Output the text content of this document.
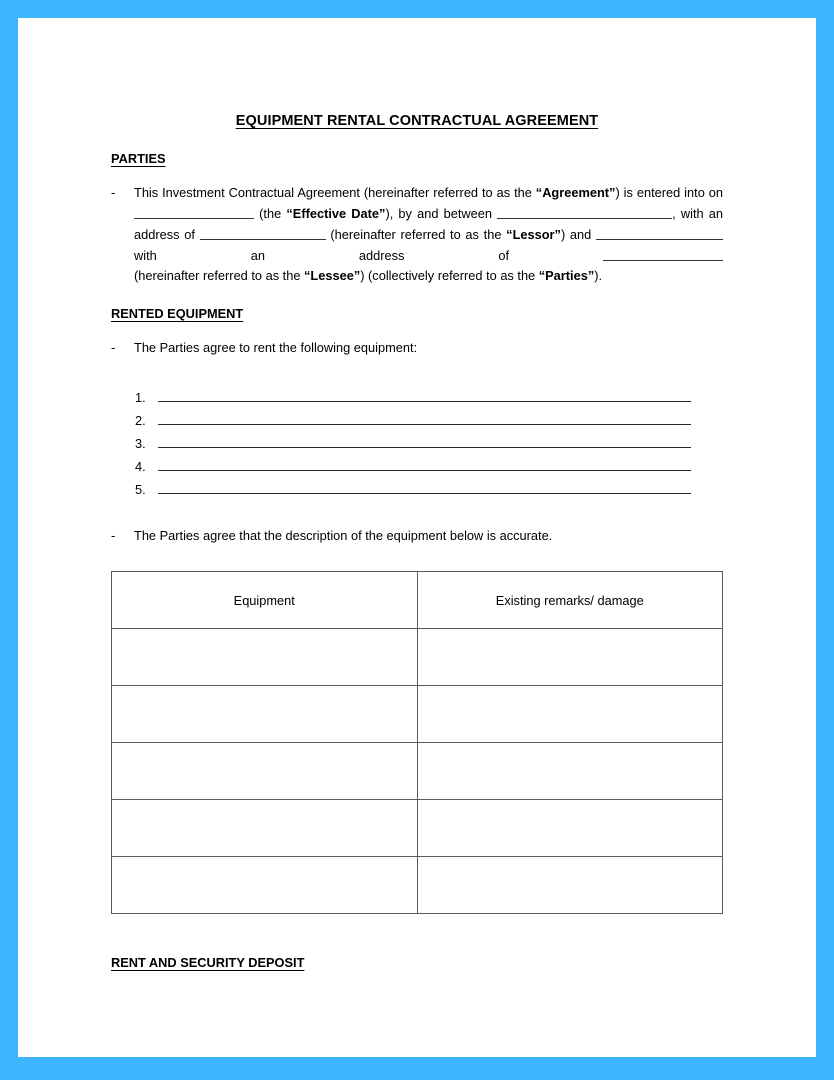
EQUIPMENT RENTAL CONTRACTUAL AGREEMENT
PARTIES
-	This Investment Contractual Agreement (hereinafter referred to as the “Agreement”) is entered into on  (the “Effective Date”), by and between	, with an address of	(hereinafter referred to as the “Lessor”) and with an address of

(hereinafter referred to as the “Lessee”) (collectively referred to as the “Parties”).

RENTED EQUIPMENT
-	The Parties agree to rent the following equipment:
1.
2.
3.
4.
5.
-	The Parties agree that the description of the equipment below is accurate.
Equipment	Existing remarks/ damage

RENT AND SECURITY DEPOSIT
